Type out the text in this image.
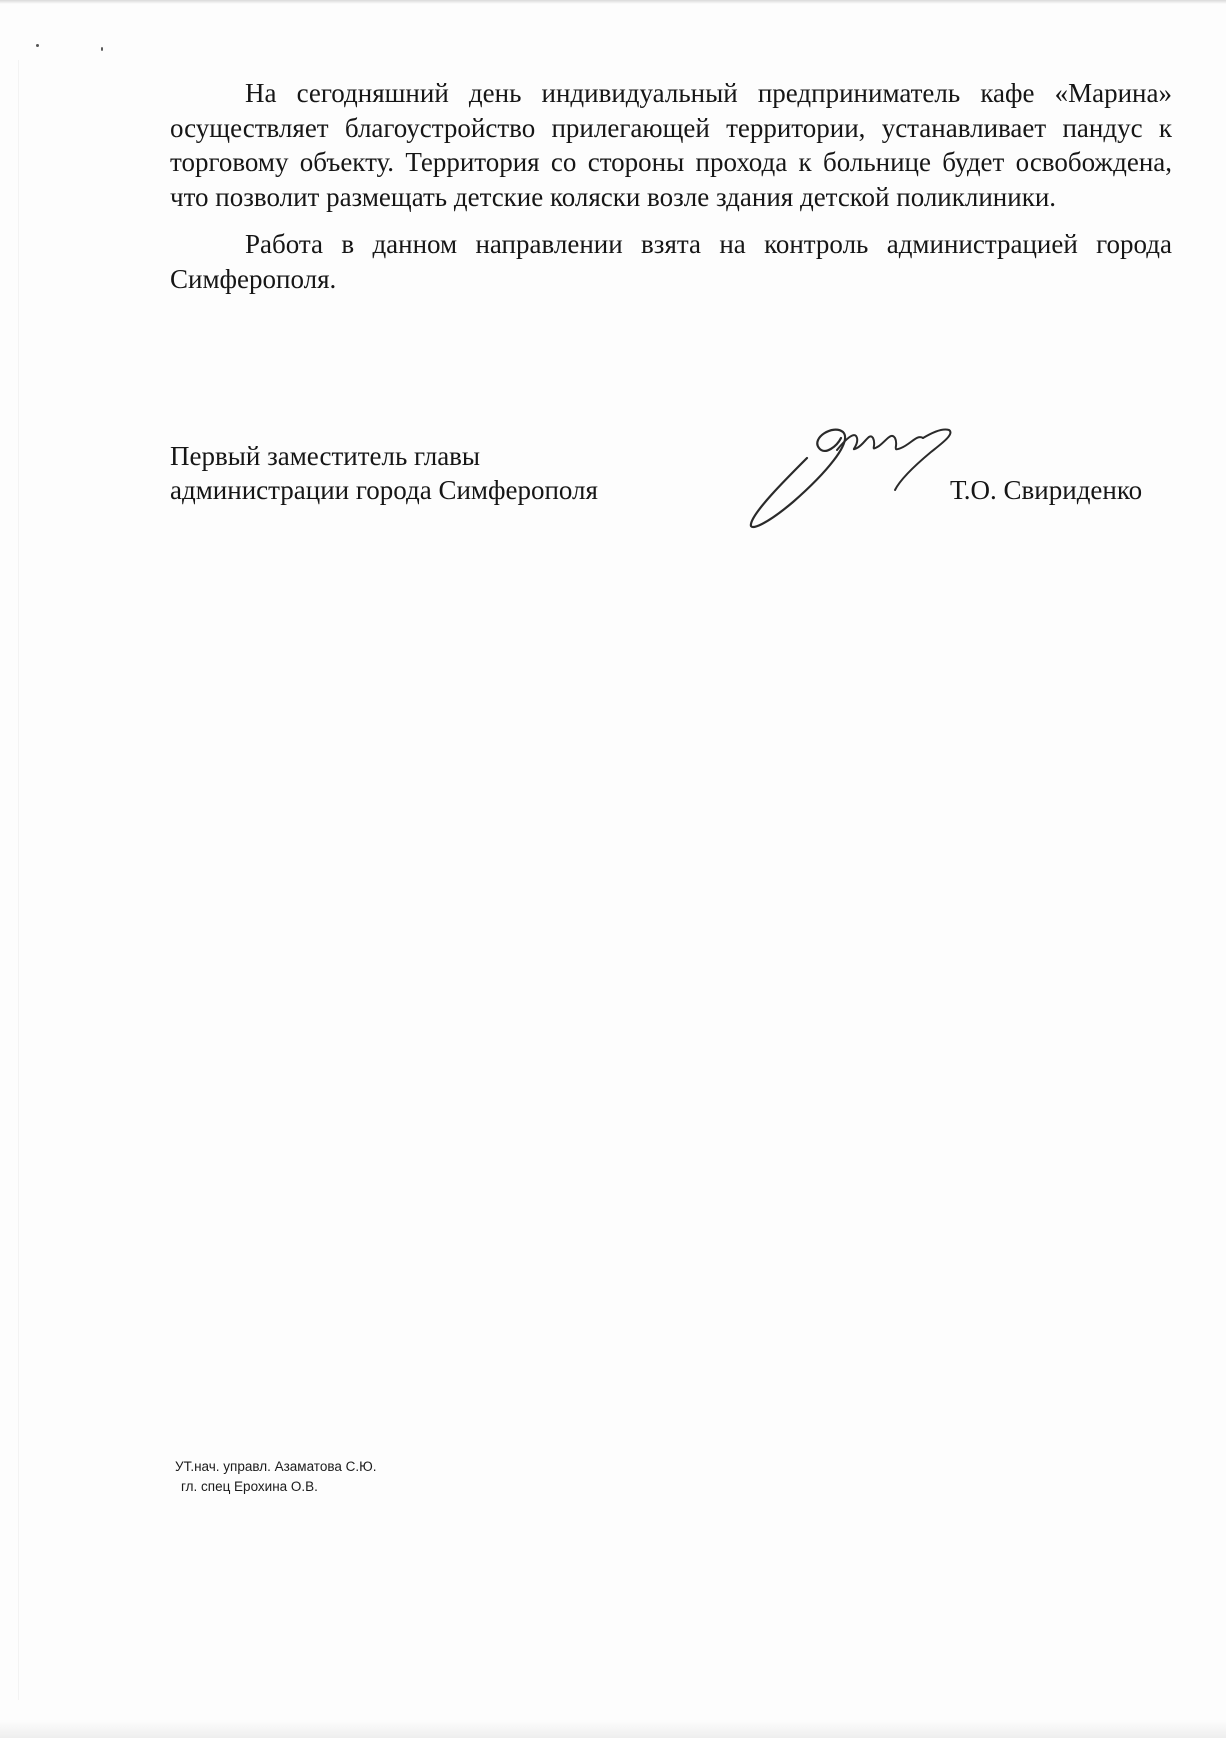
На сегодняшний день индивидуальный предприниматель кафе «Марина» осуществляет благоустройство прилегающей территории, устанавливает пандус к торговому объекту. Территория со стороны прохода к больнице будет освобождена, что позволит размещать детские коляски возле здания детской поликлиники.

Работа в данном направлении взята на контроль администрацией города Симферополя.

Первый заместитель главы
администрации города Симферополя	Т.О. Свириденко
УТ.нач. управл. Азаматова С.Ю.
гл. спец Ерохина О.В.
